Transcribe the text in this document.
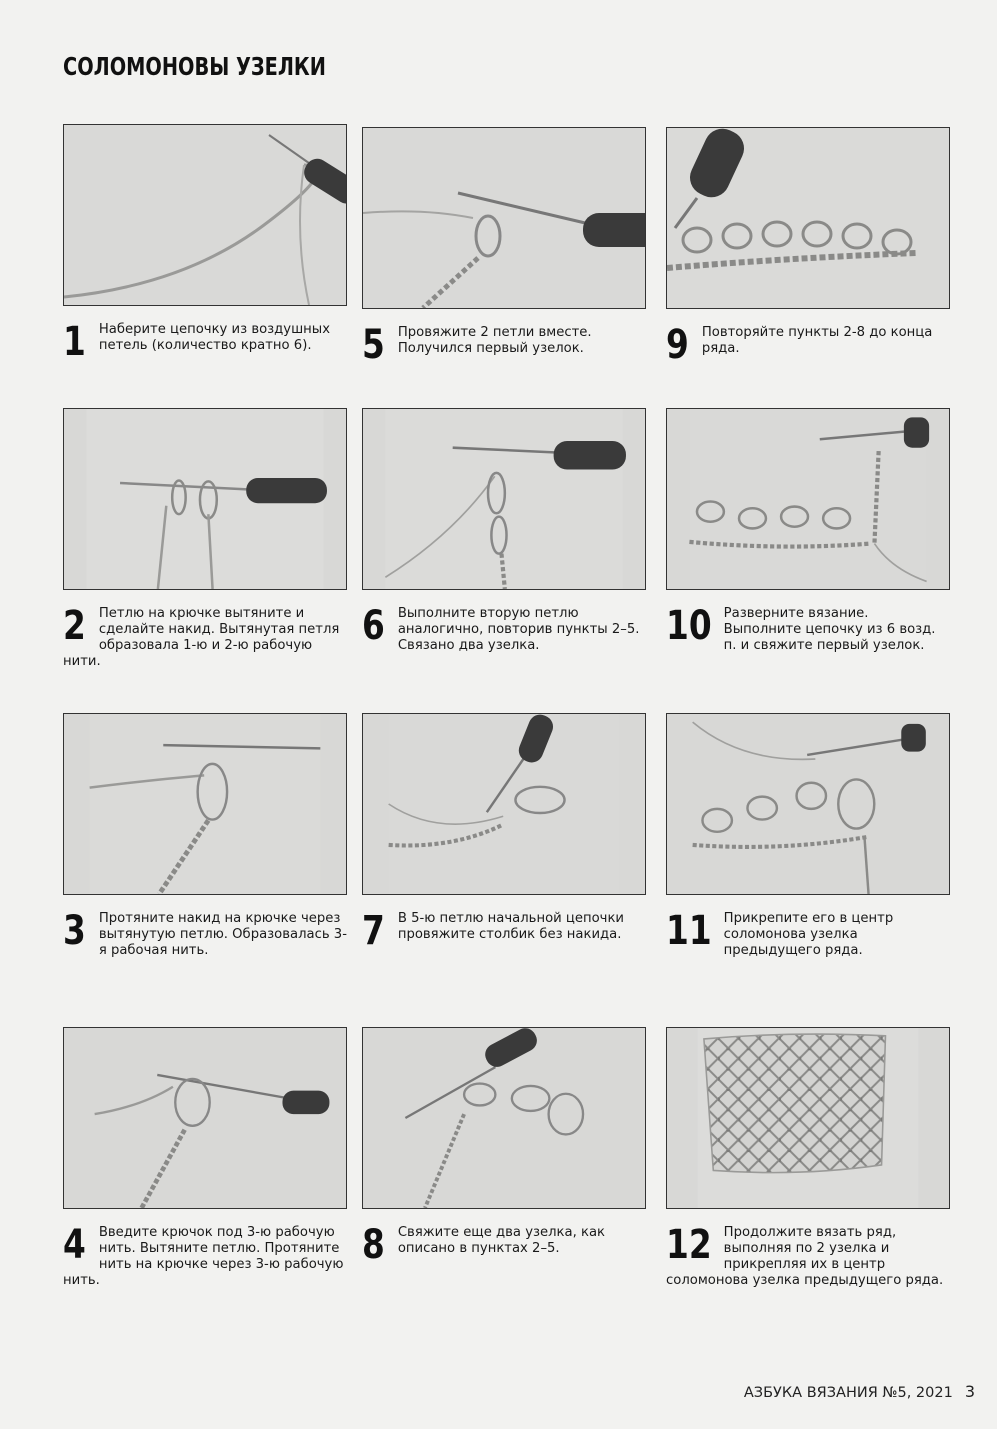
СОЛОМОНОВЫ УЗЕЛКИ
1 Наберите цепочку из воздушных петель (количество кратно 6).
2 Петлю на крючке вытяните и сделайте накид. Вытянутая петля образовала 1-ю и 2-ю рабочую нити.
3 Протяните накид на крючке через вытянутую петлю. Образовалась 3-я рабочая нить.
4 Введите крючок под 3-ю рабочую нить. Вытяните петлю. Протяните нить на крючке через 3-ю рабочую нить.
5 Провяжите 2 петли вместе. Получился первый узелок.
6 Выполните вторую петлю аналогично, повторив пункты 2–5. Связано два узелка.
7 В 5-ю петлю начальной цепочки провяжите столбик без накида.
8 Свяжите еще два узелка, как описано в пунктах 2–5.
9 Повторяйте пункты 2-8 до конца ряда.
10 Разверните вязание. Выполните цепочку из 6 возд. п. и свяжите первый узелок.
11 Прикрепите его в центр соломонова узелка предыдущего ряда.
12 Продолжите вязать ряд, выполняя по 2 узелка и прикрепляя их в центр соломонова узелка предыдущего ряда.
АЗБУКА ВЯЗАНИЯ №5, 2021 3
